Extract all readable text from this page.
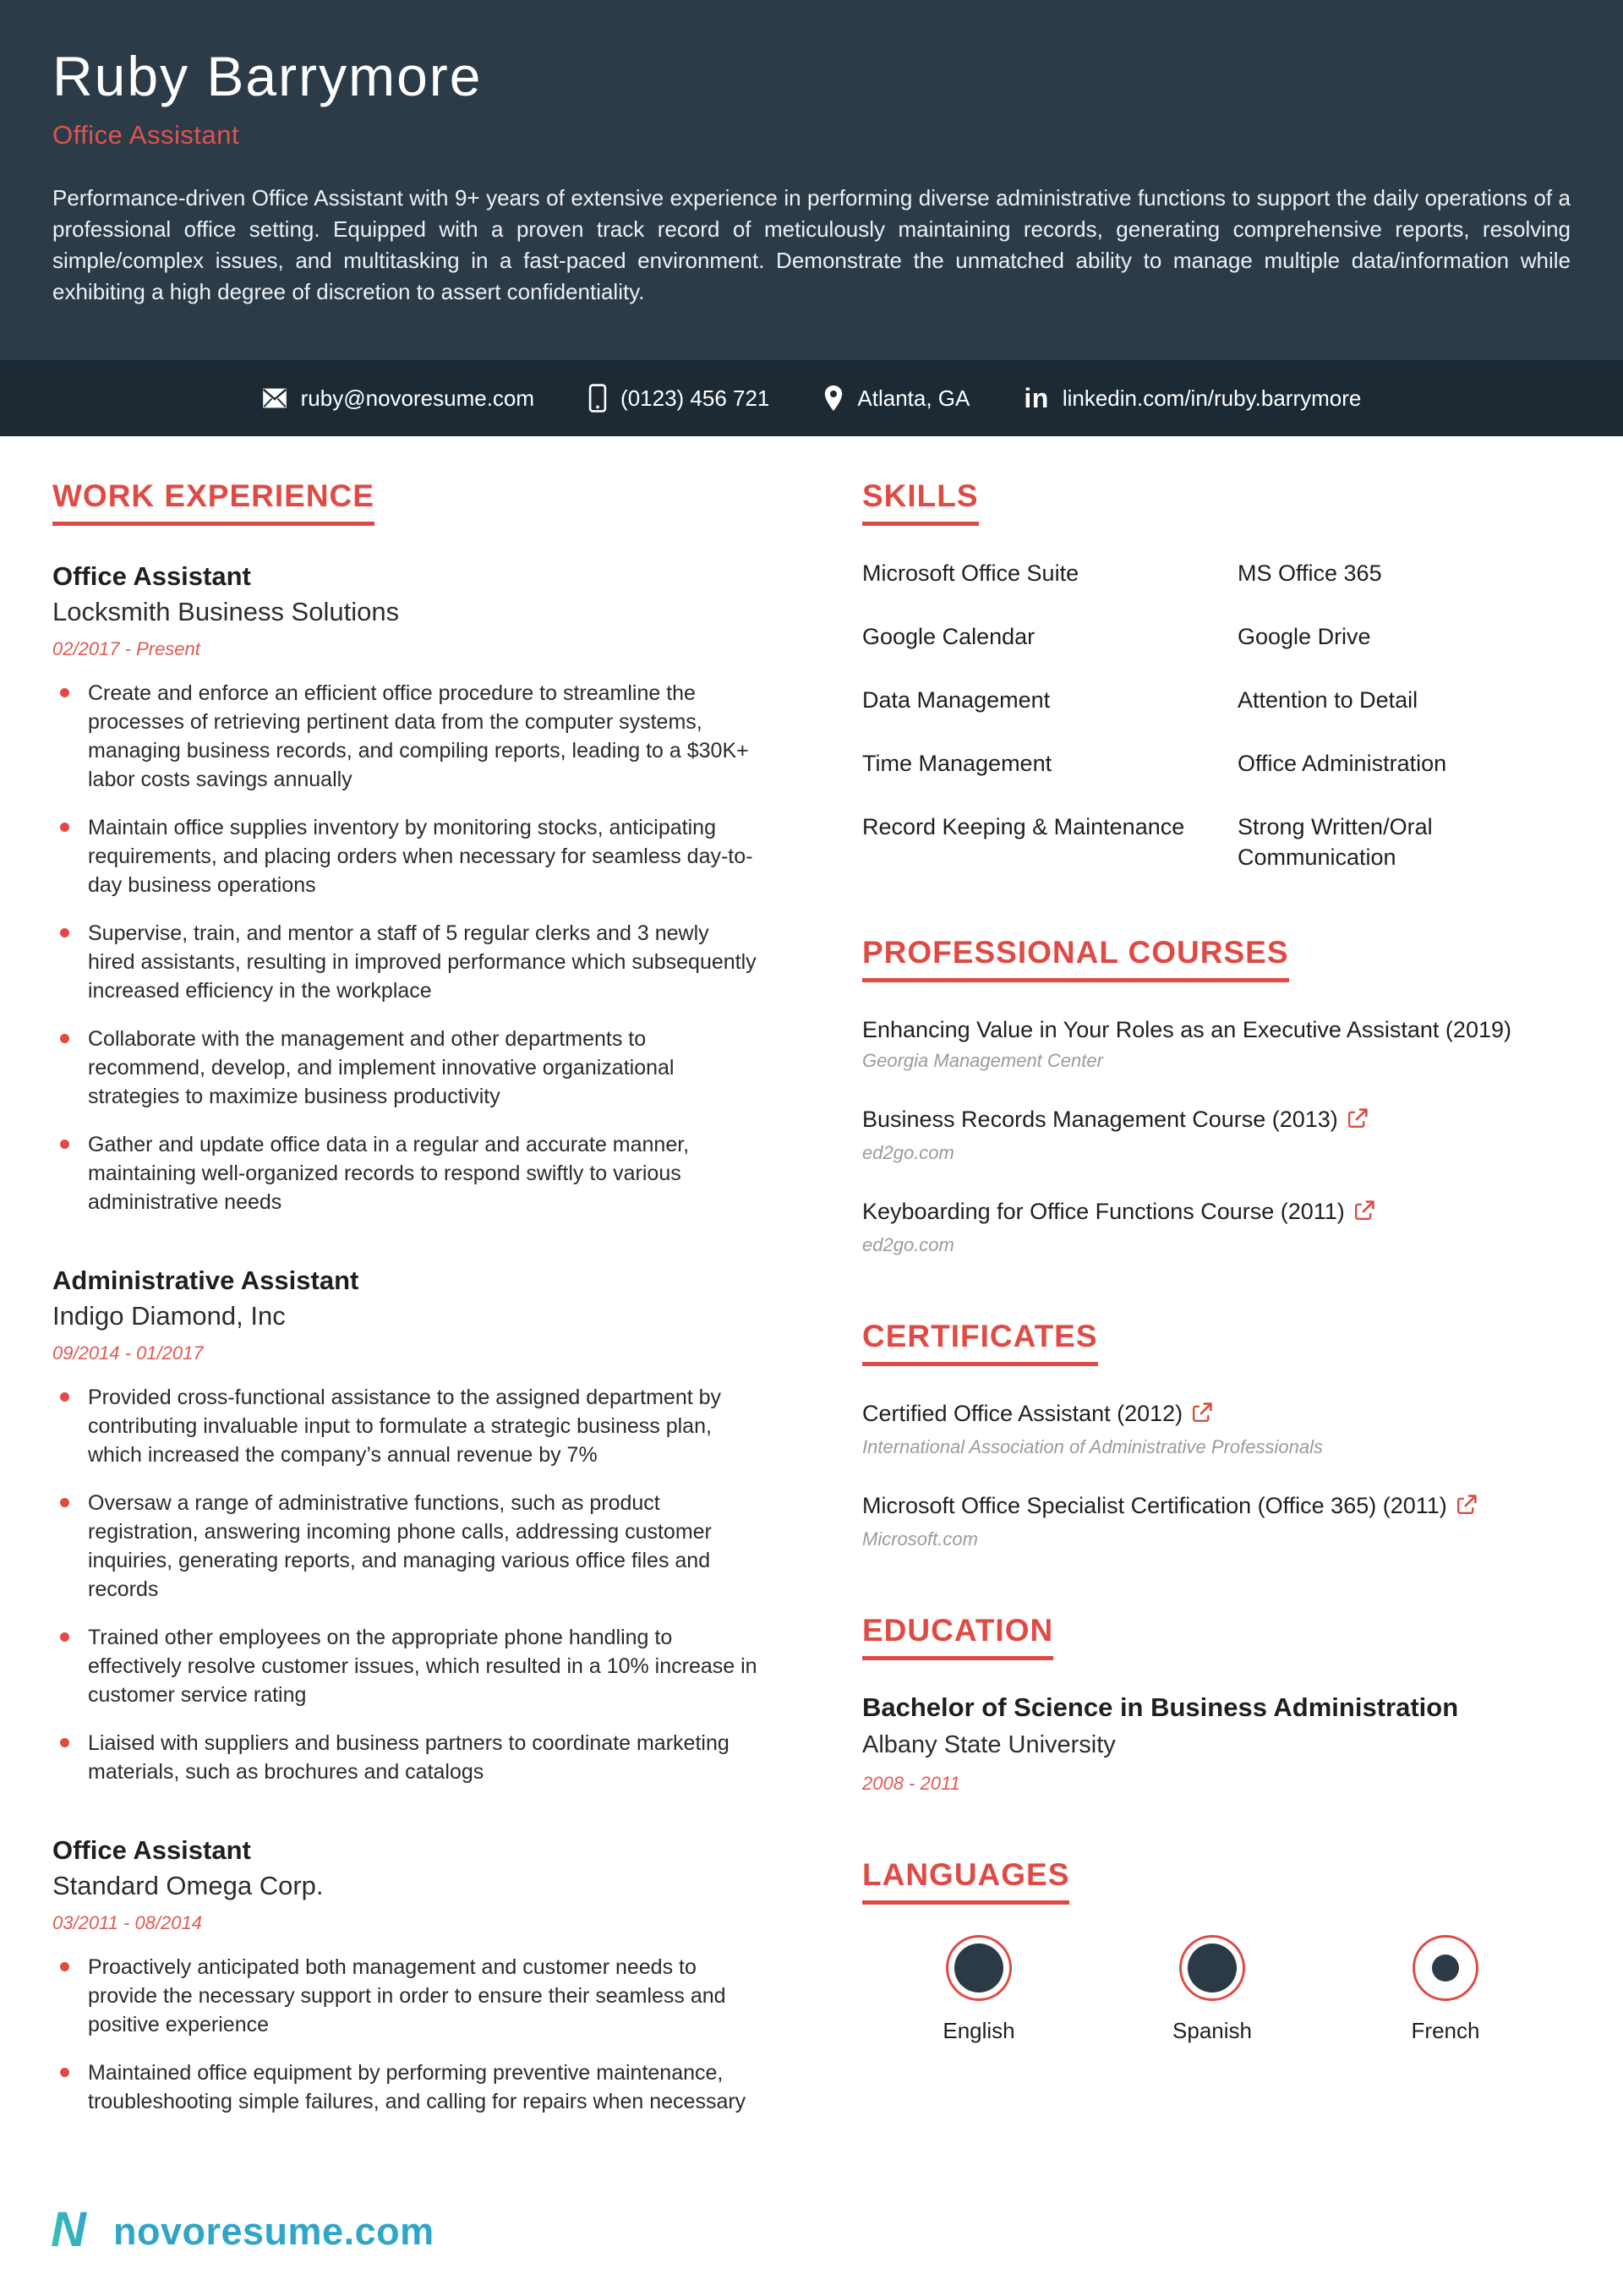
Ruby Barrymore
Office Assistant

Performance-driven Office Assistant with 9+ years of extensive experience in performing diverse administrative functions to support the daily operations of a professional office setting. Equipped with a proven track record of meticulously maintaining records, generating comprehensive reports, resolving simple/complex issues, and multitasking in a fast-paced environment. Demonstrate the unmatched ability to manage multiple data/information while exhibiting a high degree of discretion to assert confidentiality.

ruby@novoresume.com	(0123) 456 721	Atlanta, GA in linkedin.com/in/ruby.barrymore
WORK EXPERIENCE
Office Assistant
Locksmith Business Solutions
02/2017 - Present
Create and enforce an efficient office procedure to streamline the processes of retrieving pertinent data from the computer systems, managing business records, and compiling reports, leading to a $30K+ labor costs savings annually
Maintain office supplies inventory by monitoring stocks, anticipating requirements, and placing orders when necessary for seamless day-to-day business operations
Supervise, train, and mentor a staff of 5 regular clerks and 3 newly hired assistants, resulting in improved performance which subsequently increased efficiency in the workplace
Collaborate with the management and other departments to recommend, develop, and implement innovative organizational strategies to maximize business productivity
Gather and update office data in a regular and accurate manner, maintaining well-organized records to respond swiftly to various administrative needs
Administrative Assistant
Indigo Diamond, Inc
09/2014 - 01/2017
Provided cross-functional assistance to the assigned department by contributing invaluable input to formulate a strategic business plan, which increased the company’s annual revenue by 7%
Oversaw a range of administrative functions, such as product registration, answering incoming phone calls, addressing customer inquiries, generating reports, and managing various office files and records
Trained other employees on the appropriate phone handling to effectively resolve customer issues, which resulted in a 10% increase in customer service rating
Liaised with suppliers and business partners to coordinate marketing materials, such as brochures and catalogs
Office Assistant
Standard Omega Corp.
03/2011 - 08/2014
Proactively anticipated both management and customer needs to provide the necessary support in order to ensure their seamless and positive experience
Maintained office equipment by performing preventive maintenance, troubleshooting simple failures, and calling for repairs when necessary
SKILLS
Microsoft Office Suite	MS Office 365
Google Calendar	Google Drive
Data Management	Attention to Detail
Time Management	Office Administration
Record Keeping & Maintenance	Strong Written/Oral Communication
PROFESSIONAL COURSES
Enhancing Value in Your Roles as an Executive Assistant (2019)
Georgia Management Center
Business Records Management Course (2013)
ed2go.com
Keyboarding for Office Functions Course (2011)
ed2go.com
CERTIFICATES
Certified Office Assistant (2012)
International Association of Administrative Professionals
Microsoft Office Specialist Certification (Office 365) (2011)
Microsoft.com
EDUCATION
Bachelor of Science in Business Administration
Albany State University
2008 - 2011
LANGUAGES
English	Spanish	French
N novoresume.com
